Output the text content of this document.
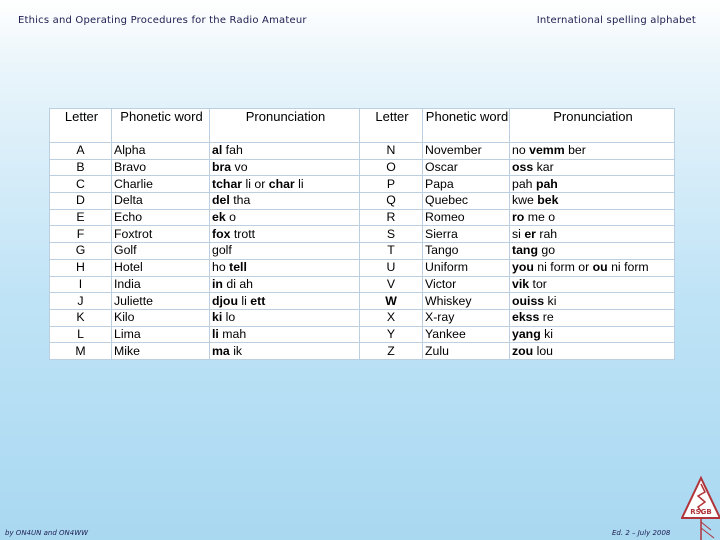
Ethics and Operating Procedures for the Radio Amateur	International spelling alphabet
Letter	Phonetic word	Pronunciation	Letter	Phonetic word	Pronunciation
A	Alpha	al fah	N	November	no vemm ber
B	Bravo	bra vo	O	Oscar	oss kar
C	Charlie	tchar li or char li	P	Papa	pah pah
D	Delta	del tha	Q	Quebec	kwe bek
E	Echo	ek o	R	Romeo	ro me o
F	Foxtrot	fox trott	S	Sierra	si er rah
G	Golf	golf	T	Tango	tang go
H	Hotel	ho tell	U	Uniform	you ni form or ou ni form
I	India	in di ah	V	Victor	vik tor
J	Juliette	djou li ett	W	Whiskey	ouiss ki
K	Kilo	ki lo	X	X-ray	ekss re
L	Lima	li mah	Y	Yankee	yang ki
M	Mike	ma ik	Z	Zulu	zou lou
by ON4UN and ON4WW	Ed. 2 – July 2008
RSGB
